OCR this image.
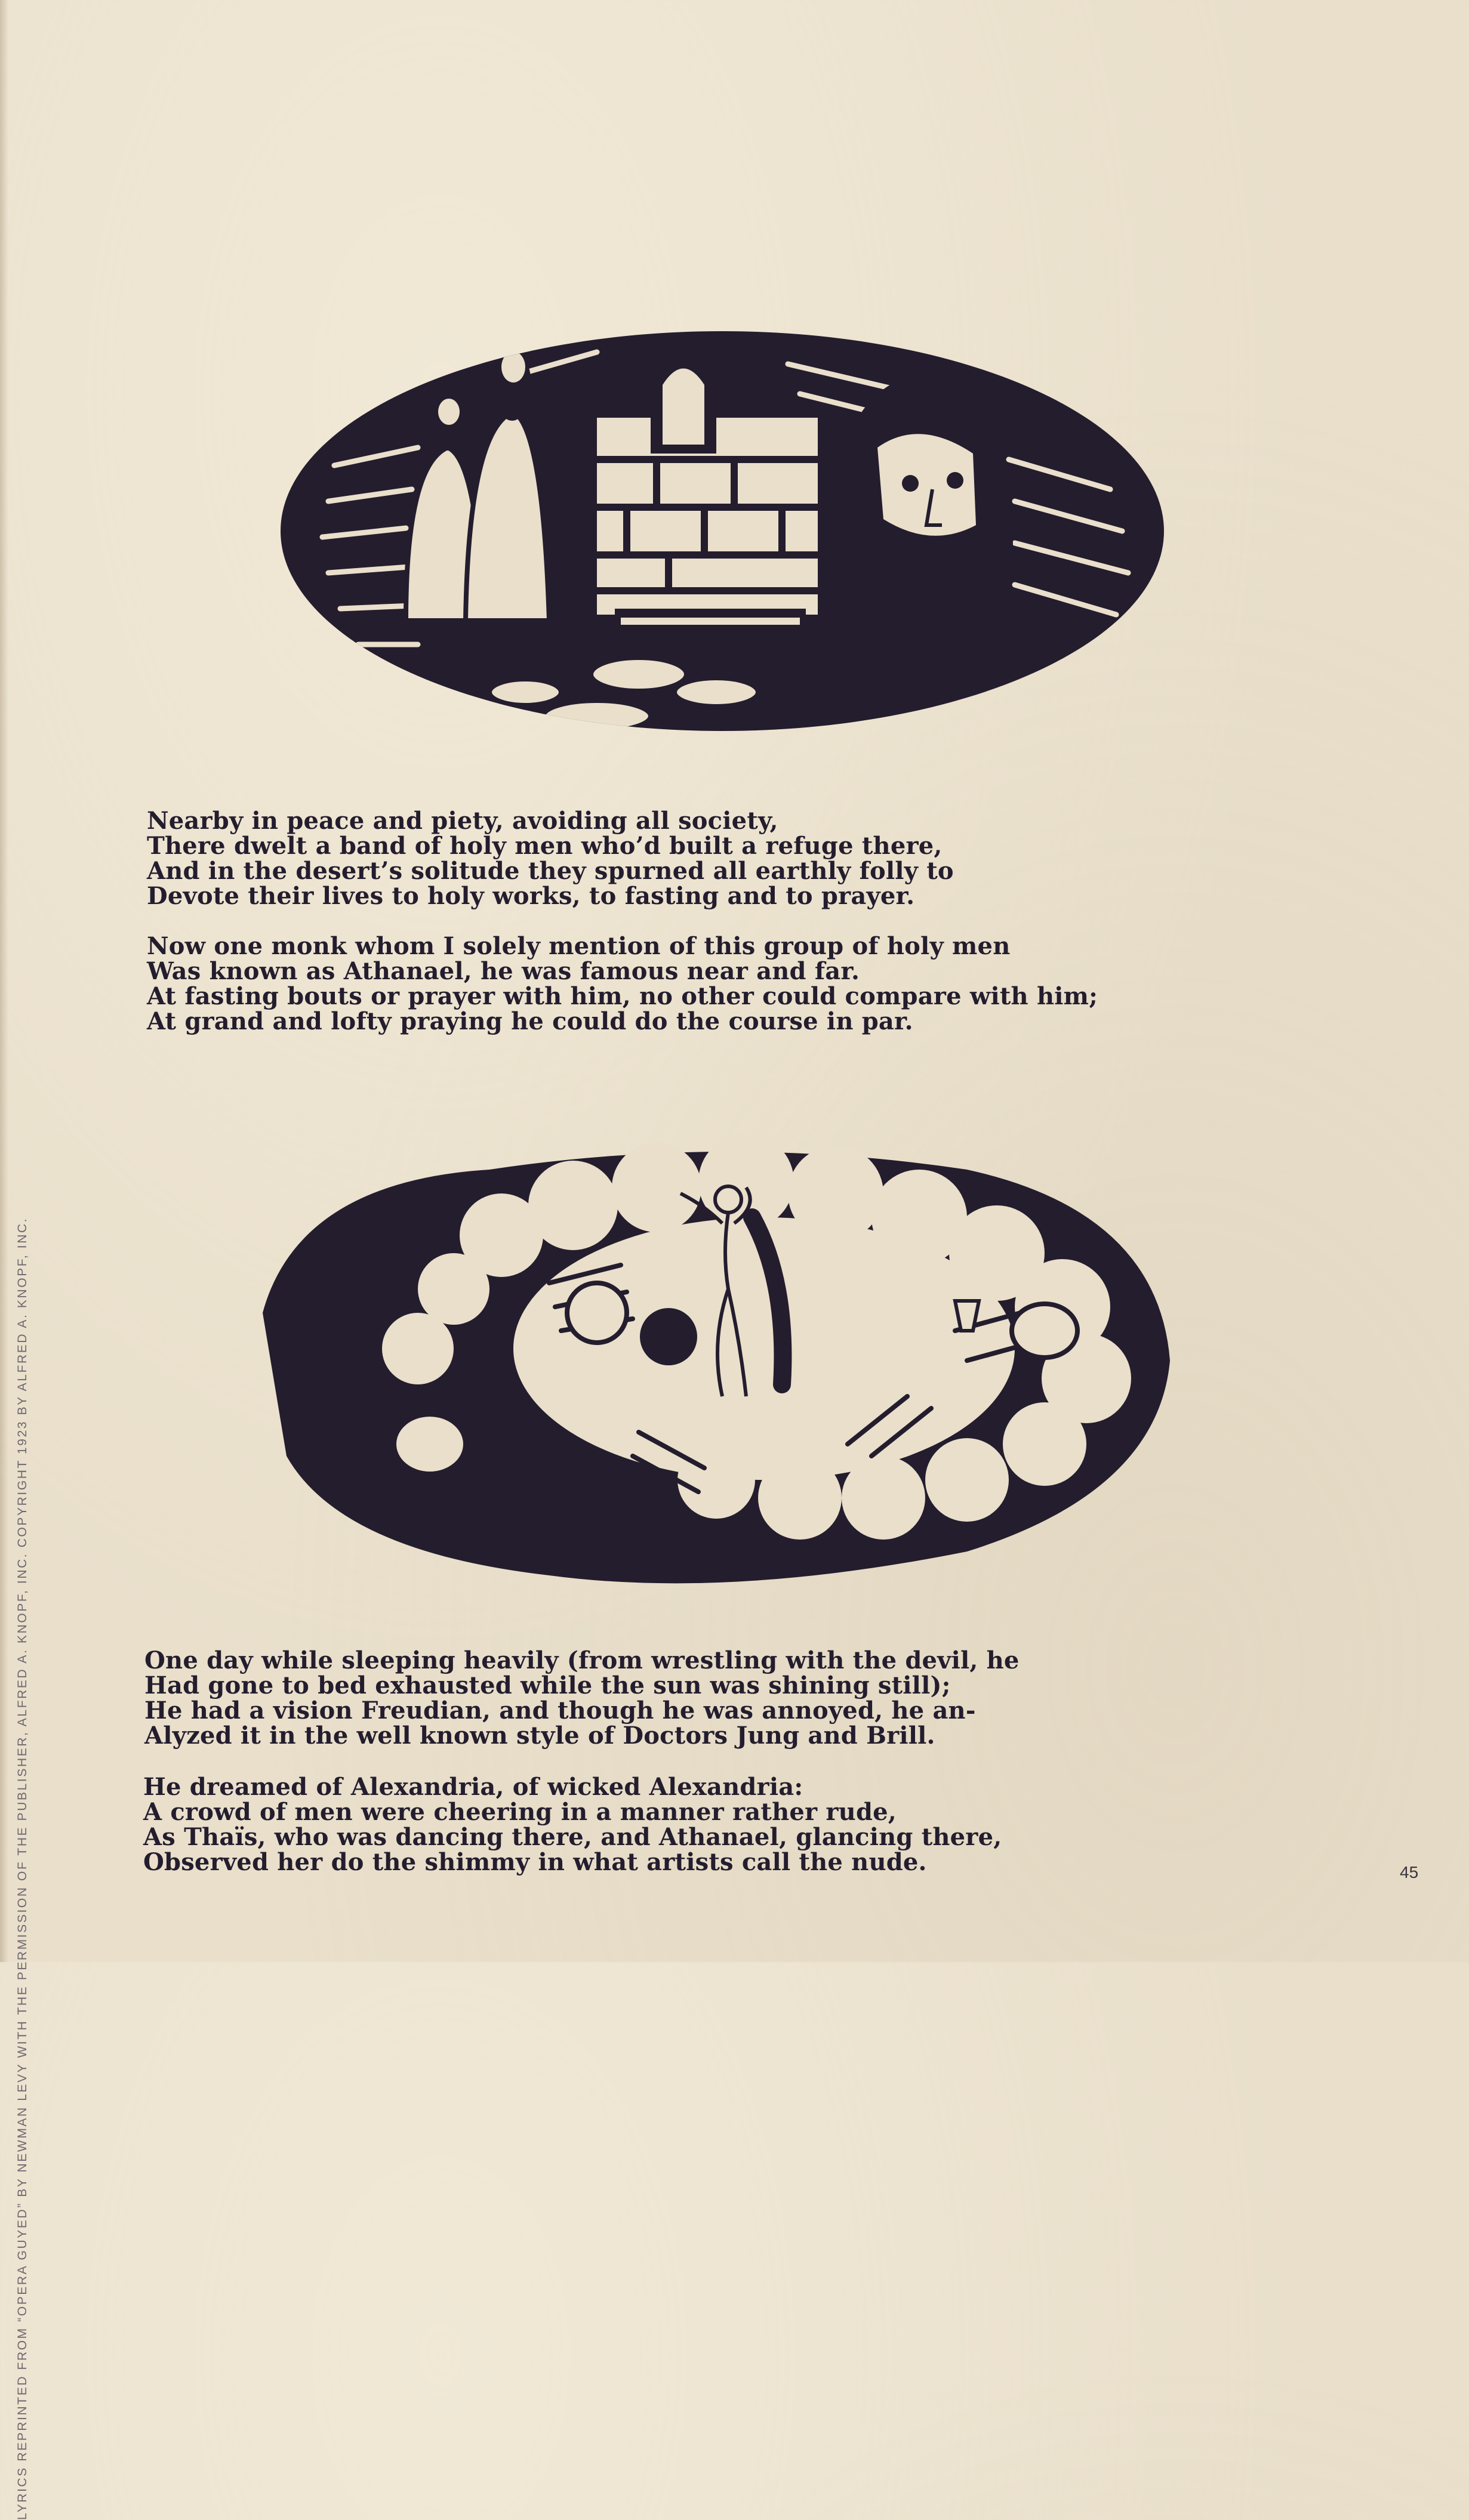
LYRICS REPRINTED FROM “OPERA GUYED” BY NEWMAN LEVY WITH THE PERMISSION OF THE PUBLISHER, ALFRED A. KNOPF, INC. COPYRIGHT 1923 BY ALFRED A. KNOPF, INC.
Nearby in peace and piety, avoiding all society,
There dwelt a band of holy men who’d built a refuge there,
And in the desert’s solitude they spurned all earthly folly to
Devote their lives to holy works, to fasting and to prayer.
Now one monk whom I solely mention of this group of holy men
Was known as Athanael, he was famous near and far.
At fasting bouts or prayer with him, no other could compare with him;
At grand and lofty praying he could do the course in par.
One day while sleeping heavily (from wrestling with the devil, he
Had gone to bed exhausted while the sun was shining still);
He had a vision Freudian, and though he was annoyed, he an-
Alyzed it in the well known style of Doctors Jung and Brill.
He dreamed of Alexandria, of wicked Alexandria:
A crowd of men were cheering in a manner rather rude,
As Thaïs, who was dancing there, and Athanael, glancing there,
Observed her do the shimmy in what artists call the nude.	45
